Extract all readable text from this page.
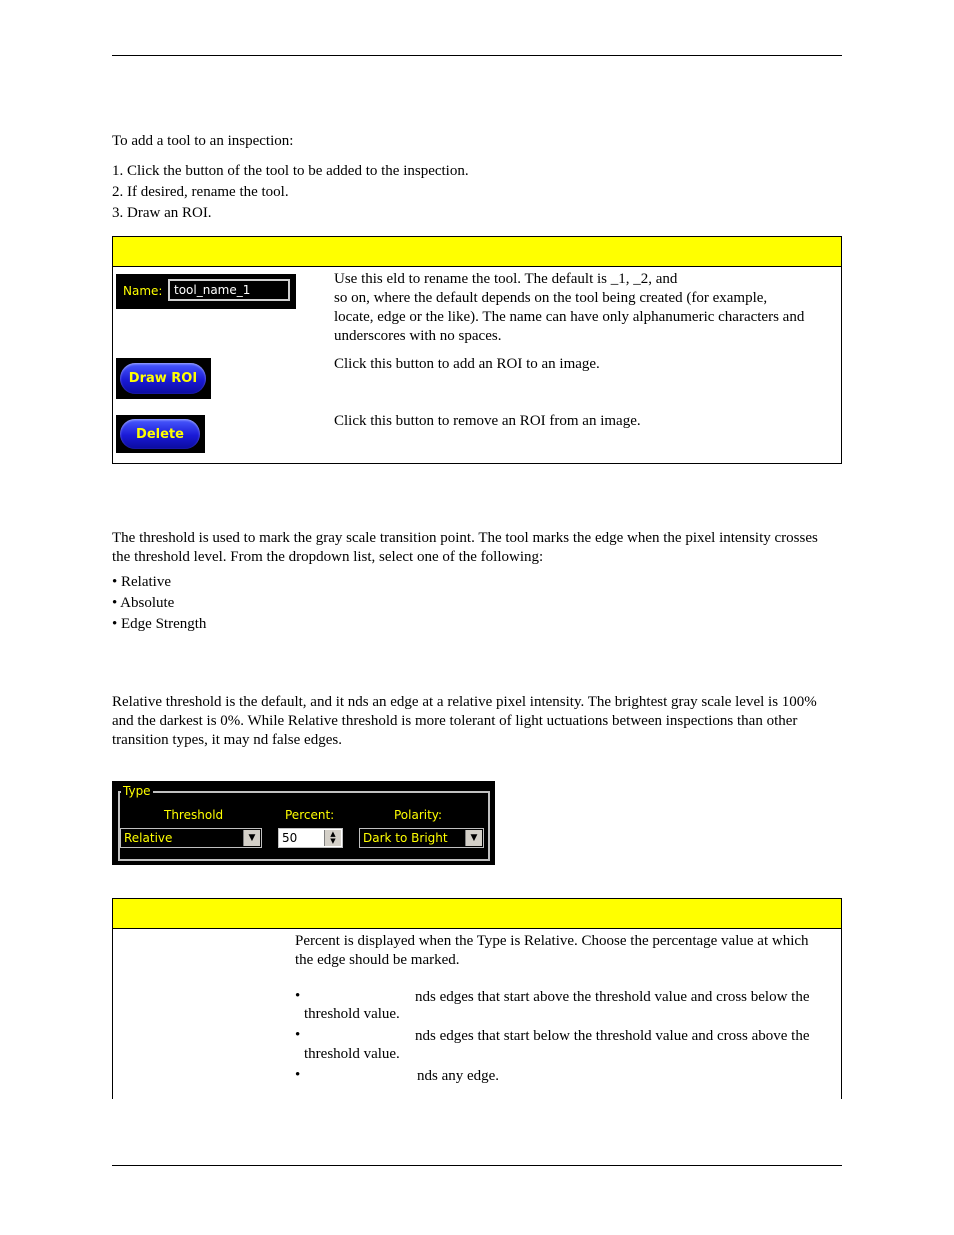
To add a tool to an inspection:
1. Click the button of the tool to be added to the inspection.
2. If desired, rename the tool.
3. Draw an ROI.
Name: tool_name_1
Use this eld to rename the tool. The default is _1, _2, and
so on, where the default depends on the tool being created (for example,
locate, edge or the like). The name can have only alphanumeric characters and
underscores with no spaces.
Draw ROI
Click this button to add an ROI to an image.
Delete
Click this button to remove an ROI from an image.
The threshold is used to mark the gray scale transition point. The tool marks the edge when the pixel intensity crosses
the threshold level. From the dropdown list, select one of the following:
• Relative
• Absolute
• Edge Strength
Relative threshold is the default, and it nds an edge at a relative pixel intensity. The brightest gray scale level is 100%
and the darkest is 0%. While Relative threshold is more tolerant of light uctuations between inspections than other
transition types, it may nd false edges.
Type
Threshold
Relative	▼
Percent:
50	▲
▼
Polarity:
Dark to Bright	▼
Percent is displayed when the Type is Relative. Choose the percentage value at which
the edge should be marked.
•	nds edges that start above the threshold value and cross below the
threshold value.
•	nds edges that start below the threshold value and cross above the
threshold value.
•	nds any edge.
